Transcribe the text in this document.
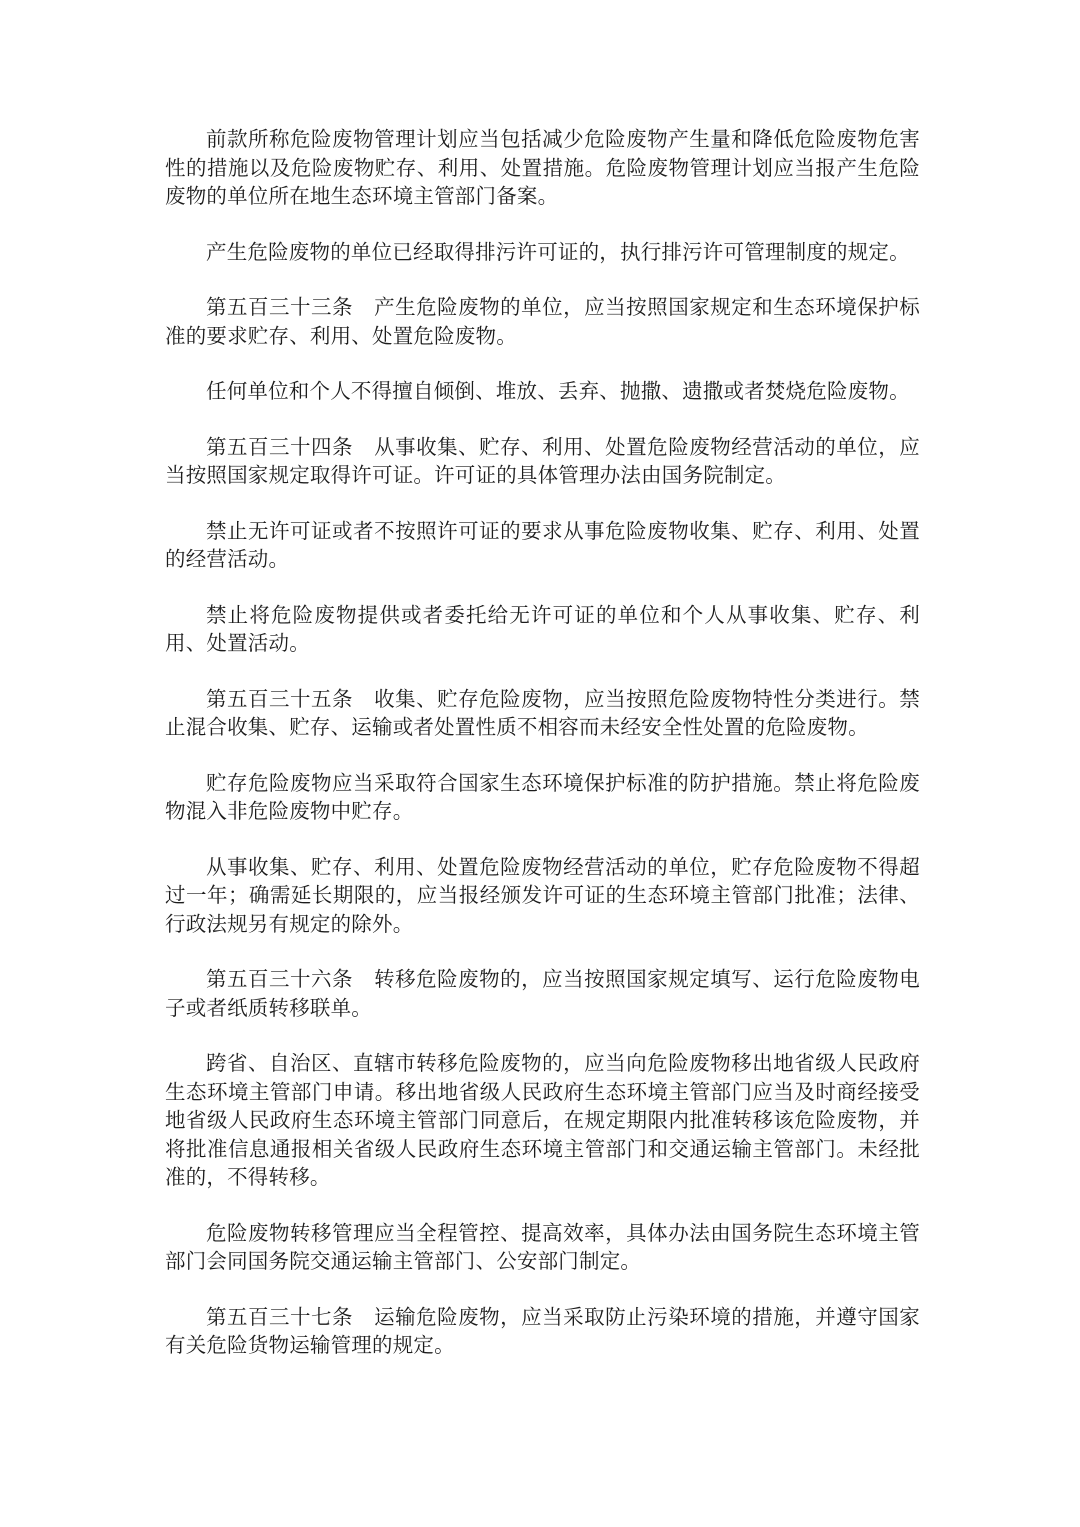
前款所称危险废物管理计划应当包括减少危险废物产生量和降低危险废物危害性的措施以及危险废物贮存、利用、处置措施。危险废物管理计划应当报产生危险废物的单位所在地生态环境主管部门备案。

产生危险废物的单位已经取得排污许可证的，执行排污许可管理制度的规定。

第五百三十三条　产生危险废物的单位，应当按照国家规定和生态环境保护标准的要求贮存、利用、处置危险废物。

任何单位和个人不得擅自倾倒、堆放、丢弃、抛撒、遗撒或者焚烧危险废物。

第五百三十四条　从事收集、贮存、利用、处置危险废物经营活动的单位，应当按照国家规定取得许可证。许可证的具体管理办法由国务院制定。

禁止无许可证或者不按照许可证的要求从事危险废物收集、贮存、利用、处置的经营活动。

禁止将危险废物提供或者委托给无许可证的单位和个人从事收集、贮存、利用、处置活动。

第五百三十五条　收集、贮存危险废物，应当按照危险废物特性分类进行。禁止混合收集、贮存、运输或者处置性质不相容而未经安全性处置的危险废物。

贮存危险废物应当采取符合国家生态环境保护标准的防护措施。禁止将危险废物混入非危险废物中贮存。

从事收集、贮存、利用、处置危险废物经营活动的单位，贮存危险废物不得超过一年；确需延长期限的，应当报经颁发许可证的生态环境主管部门批准；法律、行政法规另有规定的除外。

第五百三十六条　转移危险废物的，应当按照国家规定填写、运行危险废物电子或者纸质转移联单。

跨省、自治区、直辖市转移危险废物的，应当向危险废物移出地省级人民政府生态环境主管部门申请。移出地省级人民政府生态环境主管部门应当及时商经接受地省级人民政府生态环境主管部门同意后，在规定期限内批准转移该危险废物，并将批准信息通报相关省级人民政府生态环境主管部门和交通运输主管部门。未经批准的，不得转移。

危险废物转移管理应当全程管控、提高效率，具体办法由国务院生态环境主管部门会同国务院交通运输主管部门、公安部门制定。

第五百三十七条　运输危险废物，应当采取防止污染环境的措施，并遵守国家有关危险货物运输管理的规定。
